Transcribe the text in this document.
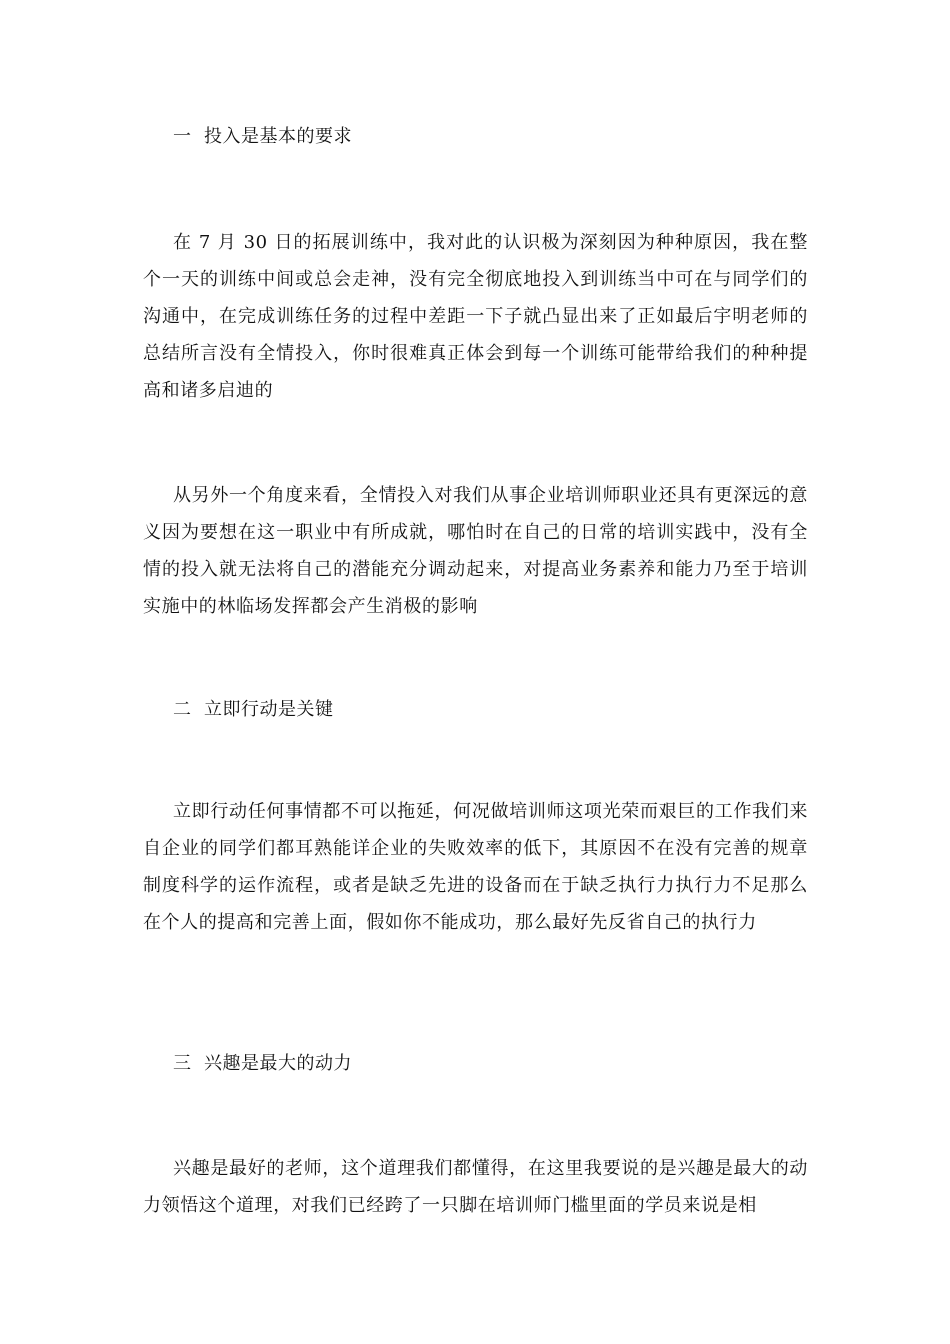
一  投入是基本的要求
在 7 月 30 日的拓展训练中，我对此的认识极为深刻因为种种原因，我在整个一天的训练中间或总会走神，没有完全彻底地投入到训练当中可在与同学们的沟通中，在完成训练任务的过程中差距一下子就凸显出来了正如最后宇明老师的总结所言没有全情投入，你时很难真正体会到每一个训练可能带给我们的种种提高和诸多启迪的
从另外一个角度来看，全情投入对我们从事企业培训师职业还具有更深远的意义因为要想在这一职业中有所成就，哪怕时在自己的日常的培训实践中，没有全情的投入就无法将自己的潜能充分调动起来，对提高业务素养和能力乃至于培训实施中的林临场发挥都会产生消极的影响
二  立即行动是关键
立即行动任何事情都不可以拖延，何况做培训师这项光荣而艰巨的工作我们来自企业的同学们都耳熟能详企业的失败效率的低下，其原因不在没有完善的规章制度科学的运作流程，或者是缺乏先进的设备而在于缺乏执行力执行力不足那么在个人的提高和完善上面，假如你不能成功，那么最好先反省自己的执行力
三  兴趣是最大的动力
兴趣是最好的老师，这个道理我们都懂得，在这里我要说的是兴趣是最大的动力领悟这个道理，对我们已经跨了一只脚在培训师门槛里面的学员来说是相
